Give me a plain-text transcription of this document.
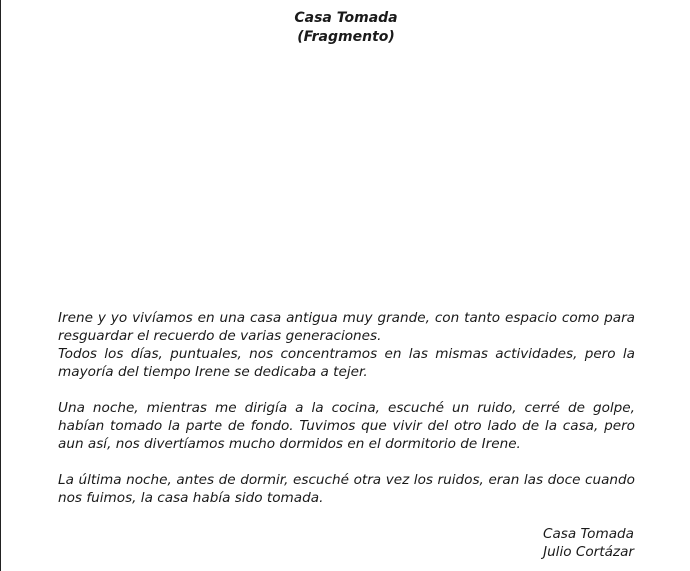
Casa Tomada
(Fragmento)

Irene y yo vivíamos en una casa antigua muy grande, con tanto espacio como para resguardar el recuerdo de varias generaciones.
Todos los días, puntuales, nos concentramos en las mismas actividades, pero la mayoría del tiempo Irene se dedicaba a tejer.

Una noche, mientras me dirigía a la cocina, escuché un ruido, cerré de golpe, habían tomado la parte de fondo. Tuvimos que vivir del otro lado de la casa, pero aun así, nos divertíamos mucho dormidos en el dormitorio de Irene.

La última noche, antes de dormir, escuché otra vez los ruidos, eran las doce cuando nos fuimos, la casa había sido tomada.

Casa Tomada
Julio Cortázar
